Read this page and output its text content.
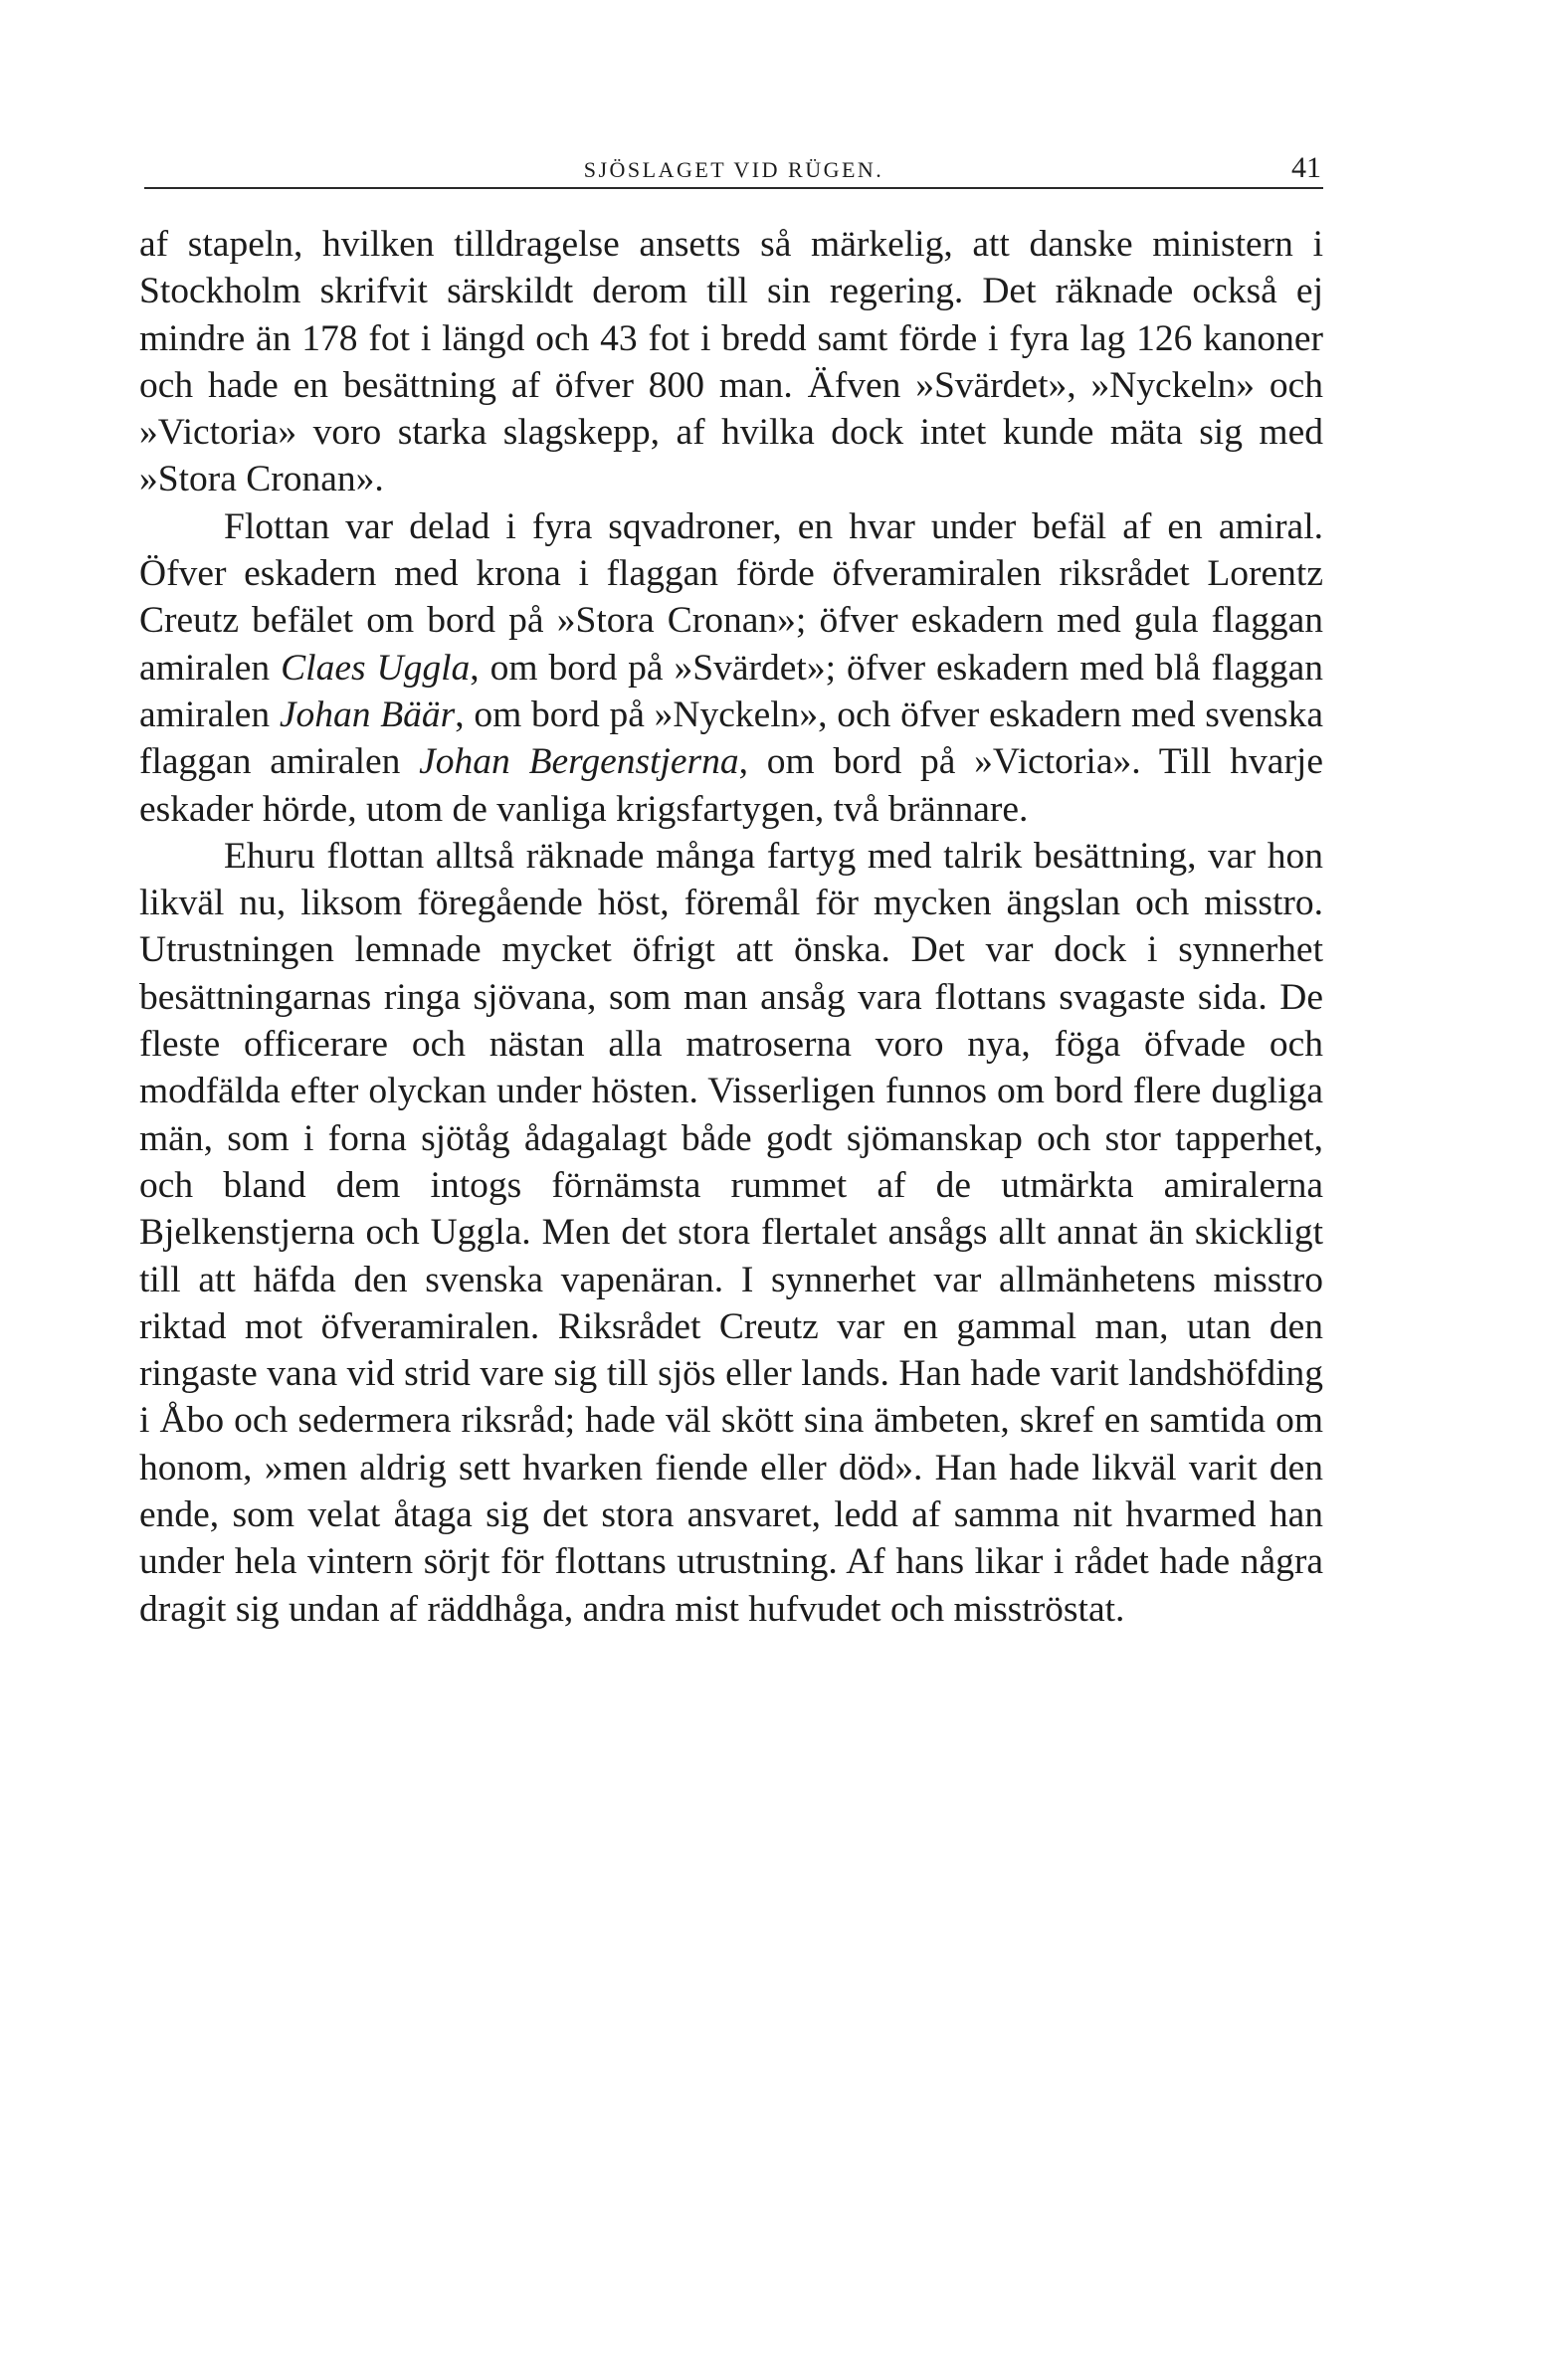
SJÖSLAGET VID RÜGEN.	41

af stapeln, hvilken tilldragelse ansetts så märkelig, att danske ministern i Stockholm skrifvit särskildt derom till sin regering. Det räknade också ej mindre än 178 fot i längd och 43 fot i bredd samt förde i fyra lag 126 kanoner och hade en besättning af öfver 800 man. Äfven »Svärdet», »Nyckeln» och »Victoria» voro starka slagskepp, af hvilka dock intet kunde mäta sig med »Stora Cronan».

Flottan var delad i fyra sqvadroner, en hvar under befäl af en amiral. Öfver eskadern med krona i flaggan förde öfveramiralen riksrådet Lorentz Creutz befälet om bord på »Stora Cronan»; öfver eskadern med gula flaggan amiralen Claes Uggla, om bord på »Svärdet»; öfver eskadern med blå flaggan amiralen Johan Bäär, om bord på »Nyckeln», och öfver eskadern med svenska flaggan amiralen Johan Bergenstjerna, om bord på »Victoria». Till hvarje eskader hörde, utom de vanliga krigsfartygen, två brännare.

Ehuru flottan alltså räknade många fartyg med talrik besättning, var hon likväl nu, liksom föregående höst, föremål för mycken ängslan och misstro. Utrustningen lemnade mycket öfrigt att önska. Det var dock i synnerhet besättningarnas ringa sjövana, som man ansåg vara flottans svagaste sida. De fleste officerare och nästan alla matroserna voro nya, föga öfvade och modfälda efter olyckan under hösten. Visserligen funnos om bord flere dugliga män, som i forna sjötåg ådagalagt både godt sjömanskap och stor tapperhet, och bland dem intogs förnämsta rummet af de utmärkta amiralerna Bjelkenstjerna och Uggla. Men det stora flertalet ansågs allt annat än skickligt till att häfda den svenska vapenäran. I synnerhet var allmänhetens misstro riktad mot öfveramiralen. Riksrådet Creutz var en gammal man, utan den ringaste vana vid strid vare sig till sjös eller lands. Han hade varit landshöfding i Åbo och sedermera riksråd; hade väl skött sina ämbeten, skref en samtida om honom, »men aldrig sett hvarken fiende eller död». Han hade likväl varit den ende, som velat åtaga sig det stora ansvaret, ledd af samma nit hvarmed han under hela vintern sörjt för flottans utrustning. Af hans likar i rådet hade några dragit sig undan af räddhåga, andra mist hufvudet och misströstat.
